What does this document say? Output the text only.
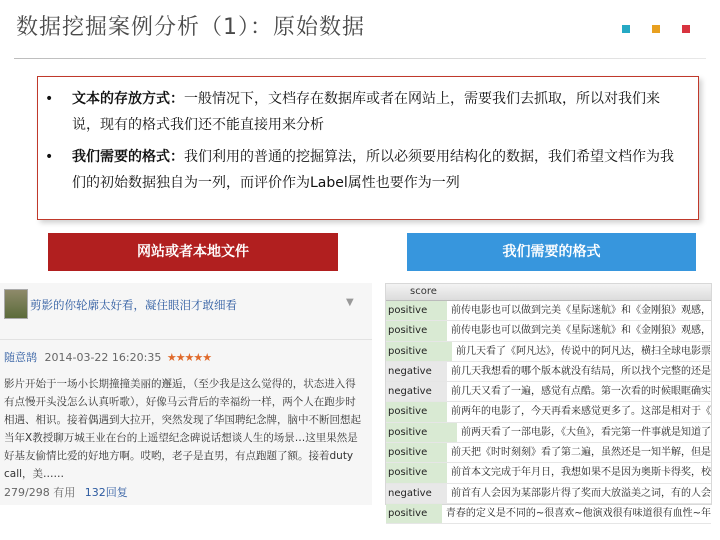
数据挖掘案例分析（1）：原始数据
• 文本的存放方式：一般情况下，文档存在数据库或者在网站上，需要我们去抓取，所以对我们来说，现有的格式我们还不能直接用来分析
• 我们需要的格式：我们利用的普通的挖掘算法，所以必须要用结构化的数据，我们希望文档作为我们的初始数据独自为一列，而评价作为Label属性也要作为一列
网站或者本地文件	我们需要的格式
剪影的你轮廓太好看，凝住眼泪才敢细看	▼
随意鹄 2014-03-22 16:20:35 ★★★★★
影片开始于一场小长期撞撞美丽的邂逅，（至少我是这么觉得的，状态进入得有点慢开头没怎么认真听歌），好像马云背后的幸福纷一样，两个人在跑步时相遇、相识。接着偶遇到大拉开，突然发现了华国聘纪念牌，脑中不断回想起当年X教授聊万城王业在台的上遥望纪念碑说话想谈人生的场景…这里果然是好基友偷情比爱的好地方啊。哎哟，老子是直男，有点跑题了额。接着duty call，美……
279/298 有用 132回复
score
positive	前传电影也可以做到完美《星际迷航》和《金刚狼》观感，
positive	前传电影也可以做到完美《星际迷航》和《金刚狼》观感，
positive	前几天看了《阿凡达》，传说中的阿凡达，横扫全球电影票
negative	前几天我想看的哪个版本就没有结局，所以找个完整的还是
negative	前几天又看了一遍，感觉有点酷。第一次看的时候眼眶确实
positive	前两年的电影了，今天再看来感觉更多了。这部是相对于《
positive	前两天看了一部电影，《大鱼》，看完第一件事就是知道了
positive	前天把《时时刻刻》看了第二遍，虽然还是一知半解，但是
positive	前首本文完成于年月日，我想如果不是因为奥斯卡得奖，校
negative	前首有人会因为某部影片得了奖而大放溢美之词，有的人会
positive	青春的定义是不同的~很喜欢~他演戏很有味道很有血性~年
